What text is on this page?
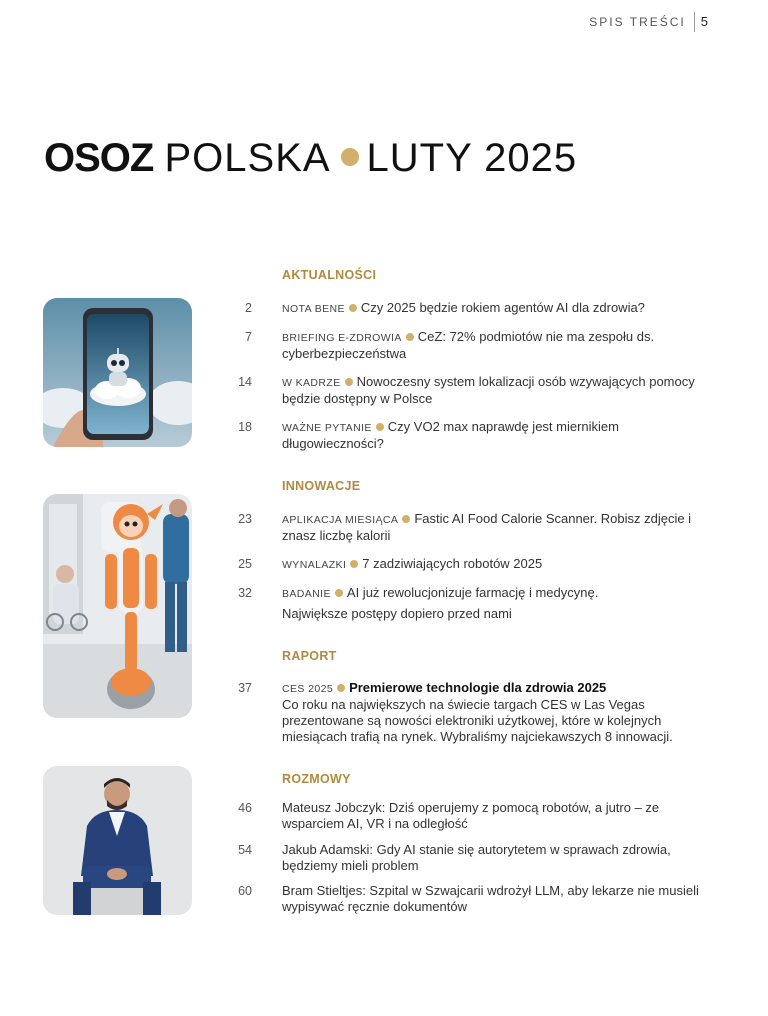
SPIS TREŚCI	5
OSOZ POLSKA LUTY 2025
AKTUALNOŚCI
2	NOTA BENE Czy 2025 będzie rokiem agentów AI dla zdrowia?
7	BRIEFING E-ZDROWIA CeZ: 72% podmiotów nie ma zespołu ds. cyberbezpieczeństwa
14	W KADRZE Nowoczesny system lokalizacji osób wzywających pomocy będzie dostępny w Polsce
18	WAŻNE PYTANIE Czy VO2 max naprawdę jest miernikiem długowieczności?
INNOWACJE
23	APLIKACJA MIESIĄCA Fastic AI Food Calorie Scanner. Robisz zdjęcie i znasz liczbę kalorii
25	WYNALAZKI 7 zadziwiających robotów 2025
32	BADANIE AI już rewolucjonizuje farmację i medycynę.
Największe postępy dopiero przed nami
RAPORT
37	CES 2025 Premierowe technologie dla zdrowia 2025
Co roku na największych na świecie targach CES w Las Vegas prezentowane są nowości elektroniki użytkowej, które w kolejnych miesiącach trafią na rynek. Wybraliśmy najciekawszych 8 innowacji.
ROZMOWY
46 Mateusz Jobczyk: Dziś operujemy z pomocą robotów, a jutro – ze wsparciem AI, VR i na odległość
54 Jakub Adamski: Gdy AI stanie się autorytetem w sprawach zdrowia, będziemy mieli problem
60 Bram Stieltjes: Szpital w Szwajcarii wdrożył LLM, aby lekarze nie musieli wypisywać ręcznie dokumentów
